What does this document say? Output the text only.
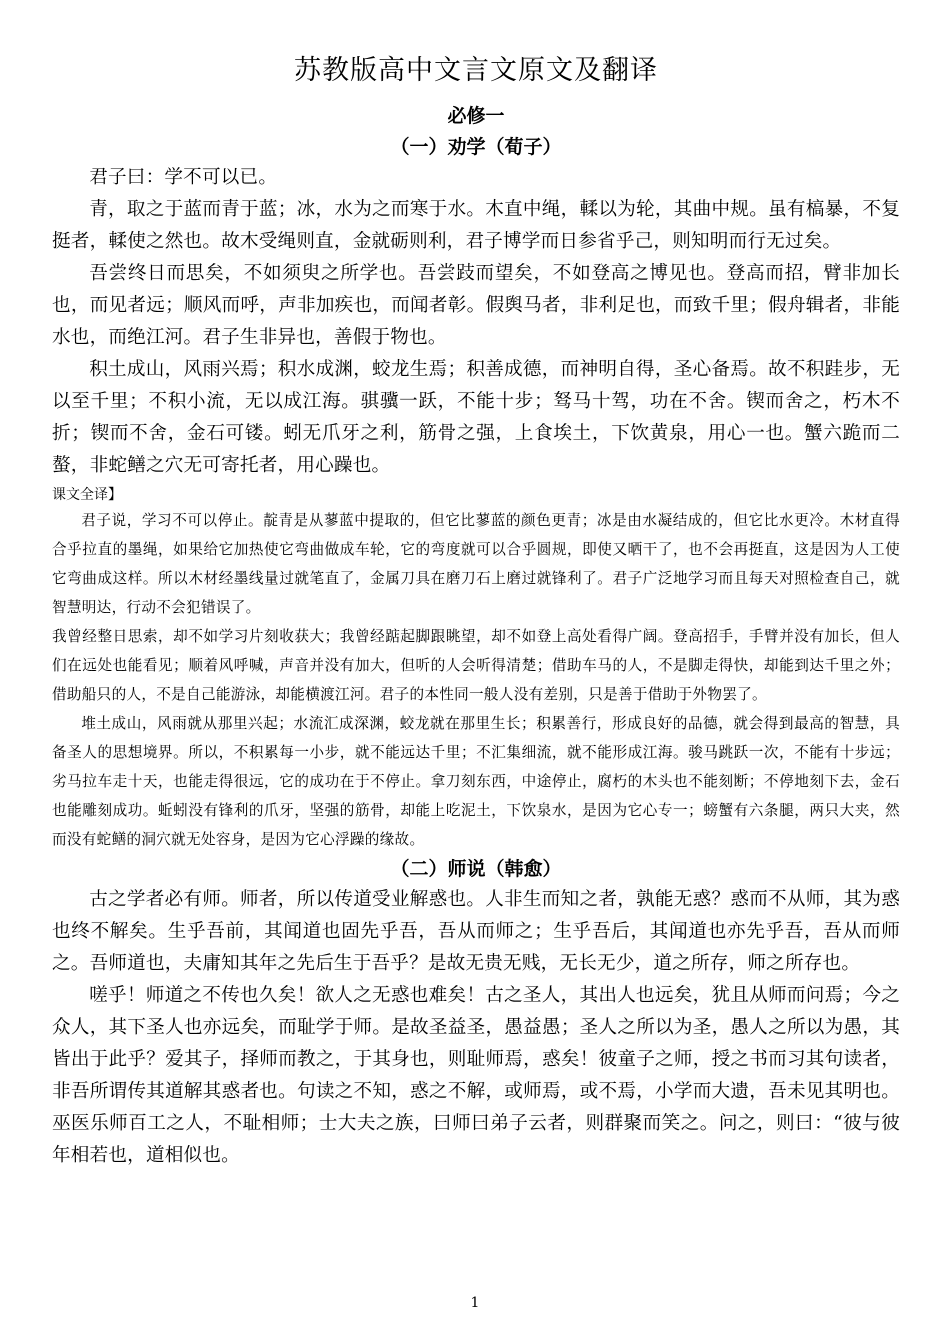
苏教版高中文言文原文及翻译
必修一
（一）劝学（荀子）

君子曰：学不可以已。

青，取之于蓝而青于蓝；冰，水为之而寒于水。木直中绳，輮以为轮，其曲中规。虽有槁暴，不复挺者，輮使之然也。故木受绳则直，金就砺则利，君子博学而日参省乎己，则知明而行无过矣。

吾尝终日而思矣，不如须臾之所学也。吾尝跂而望矣，不如登高之博见也。登高而招，臂非加长也，而见者远；顺风而呼，声非加疾也，而闻者彰。假舆马者，非利足也，而致千里；假舟辑者，非能水也，而绝江河。君子生非异也，善假于物也。

积土成山，风雨兴焉；积水成渊，蛟龙生焉；积善成德，而神明自得，圣心备焉。故不积跬步，无以至千里；不积小流，无以成江海。骐骥一跃，不能十步；驽马十驾，功在不舍。锲而舍之，朽木不折；锲而不舍，金石可镂。蚓无爪牙之利，筋骨之强，上食埃土，下饮黄泉，用心一也。蟹六跪而二螯，非蛇鳝之穴无可寄托者，用心躁也。

课文全译】

君子说，学习不可以停止。靛青是从蓼蓝中提取的，但它比蓼蓝的颜色更青；冰是由水凝结成的，但它比水更冷。木材直得合乎拉直的墨绳，如果给它加热使它弯曲做成车轮，它的弯度就可以合乎圆规，即使又晒干了，也不会再挺直，这是因为人工使它弯曲成这样。所以木材经墨线量过就笔直了，金属刀具在磨刀石上磨过就锋利了。君子广泛地学习而且每天对照检查自己，就智慧明达，行动不会犯错误了。

我曾经整日思索，却不如学习片刻收获大；我曾经踮起脚跟眺望，却不如登上高处看得广阔。登高招手，手臂并没有加长，但人们在远处也能看见；顺着风呼喊，声音并没有加大，但听的人会听得清楚；借助车马的人，不是脚走得快，却能到达千里之外；借助船只的人，不是自己能游泳，却能横渡江河。君子的本性同一般人没有差别，只是善于借助于外物罢了。

堆土成山，风雨就从那里兴起；水流汇成深渊，蛟龙就在那里生长；积累善行，形成良好的品德，就会得到最高的智慧，具备圣人的思想境界。所以，不积累每一小步，就不能远达千里；不汇集细流，就不能形成江海。骏马跳跃一次，不能有十步远；劣马拉车走十天，也能走得很远，它的成功在于不停止。拿刀刻东西，中途停止，腐朽的木头也不能刻断；不停地刻下去，金石也能雕刻成功。蚯蚓没有锋利的爪牙，坚强的筋骨，却能上吃泥土，下饮泉水，是因为它心专一；螃蟹有六条腿，两只大夹，然而没有蛇鳝的洞穴就无处容身，是因为它心浮躁的缘故。

（二）师说（韩愈）

古之学者必有师。师者，所以传道受业解惑也。人非生而知之者，孰能无惑？惑而不从师，其为惑也终不解矣。生乎吾前，其闻道也固先乎吾，吾从而师之；生乎吾后，其闻道也亦先乎吾，吾从而师之。吾师道也，夫庸知其年之先后生于吾乎？是故无贵无贱，无长无少，道之所存，师之所存也。

嗟乎！师道之不传也久矣！欲人之无惑也难矣！古之圣人，其出人也远矣，犹且从师而问焉；今之众人，其下圣人也亦远矣，而耻学于师。是故圣益圣，愚益愚；圣人之所以为圣，愚人之所以为愚，其皆出于此乎？爱其子，择师而教之，于其身也，则耻师焉，惑矣！彼童子之师，授之书而习其句读者，非吾所谓传其道解其惑者也。句读之不知，惑之不解，或师焉，或不焉，小学而大遗，吾未见其明也。巫医乐师百工之人，不耻相师；士大夫之族，曰师曰弟子云者，则群聚而笑之。问之，则曰：“彼与彼年相若也，道相似也。

1
